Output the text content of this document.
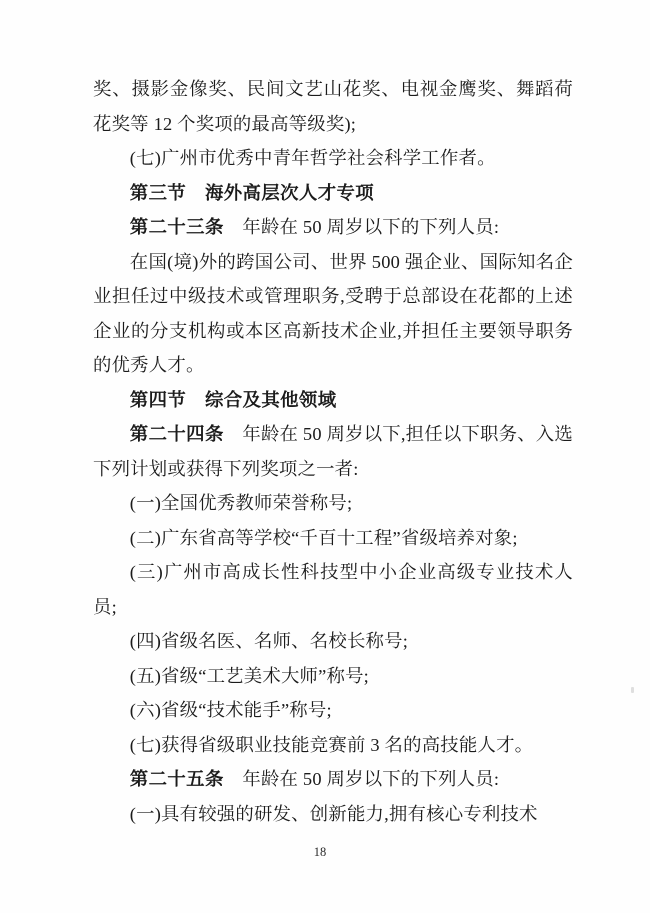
奖、摄影金像奖、民间文艺山花奖、电视金鹰奖、舞蹈荷花奖等 12 个奖项的最高等级奖);

(七)广州市优秀中青年哲学社会科学工作者。

第三节　海外高层次人才专项

第二十三条　年龄在 50 周岁以下的下列人员:

在国(境)外的跨国公司、世界 500 强企业、国际知名企业担任过中级技术或管理职务,受聘于总部设在花都的上述企业的分支机构或本区高新技术企业,并担任主要领导职务的优秀人才。

第四节　综合及其他领域

第二十四条　年龄在 50 周岁以下,担任以下职务、入选下列计划或获得下列奖项之一者:

(一)全国优秀教师荣誉称号;

(二)广东省高等学校“千百十工程”省级培养对象;

(三)广州市高成长性科技型中小企业高级专业技术人员;

(四)省级名医、名师、名校长称号;

(五)省级“工艺美术大师”称号;

(六)省级“技术能手”称号;

(七)获得省级职业技能竞赛前 3 名的高技能人才。

第二十五条　年龄在 50 周岁以下的下列人员:

(一)具有较强的研发、创新能力,拥有核心专利技术

18
